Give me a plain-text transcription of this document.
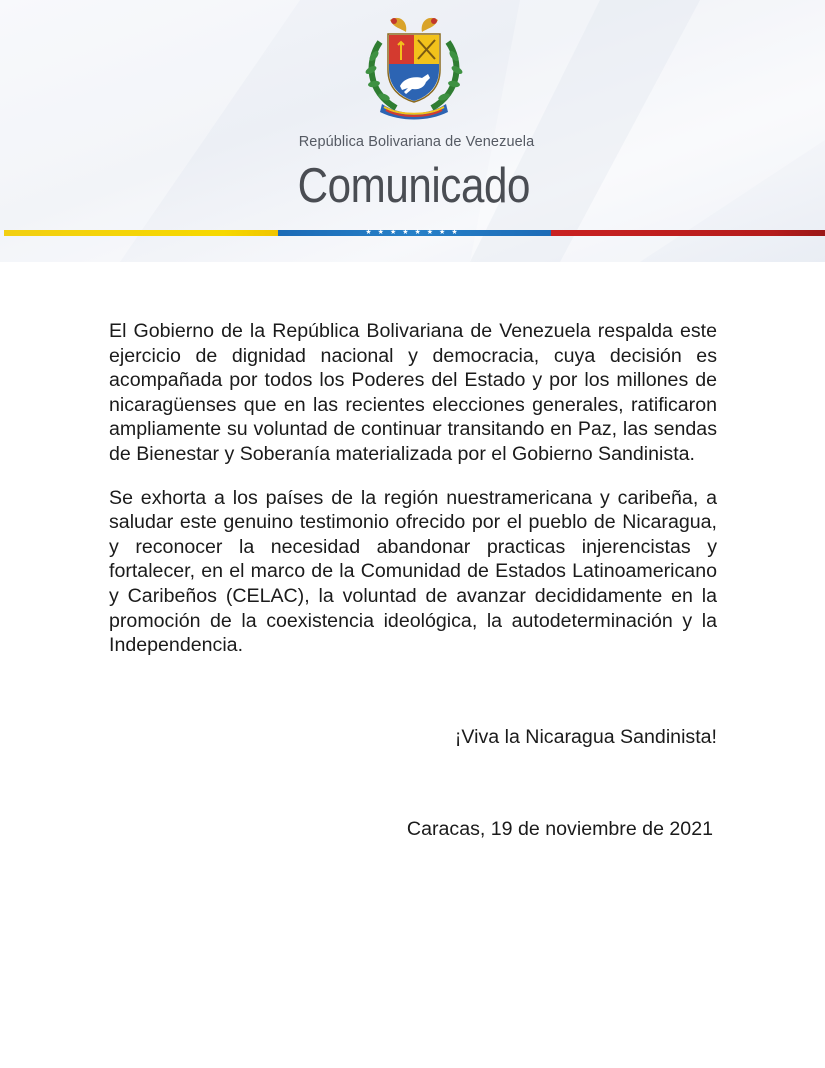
República Bolivariana de Venezuela
Comunicado
★★★★★★★★

El Gobierno de la República Bolivariana de Venezuela respalda este ejercicio de dignidad nacional y democracia, cuya decisión es acompañada por todos los Poderes del Estado y por los millones de nicaragüenses que en las recientes elecciones generales, ratificaron ampliamente su voluntad de continuar transitando en Paz, las sendas de Bienestar y Soberanía materializada por el Gobierno Sandinista.

Se exhorta a los países de la región nuestramericana y caribeña, a saludar este genuino testimonio ofrecido por el pueblo de Nicaragua, y reconocer la necesidad abandonar practicas injerencistas y fortalecer, en el marco de la Comunidad de Estados Latinoamericano y Caribeños (CELAC), la voluntad de avanzar decididamente en la promoción de la coexistencia ideológica, la autodeterminación y la Independencia.

¡Viva la Nicaragua Sandinista!
Caracas, 19 de noviembre de 2021
